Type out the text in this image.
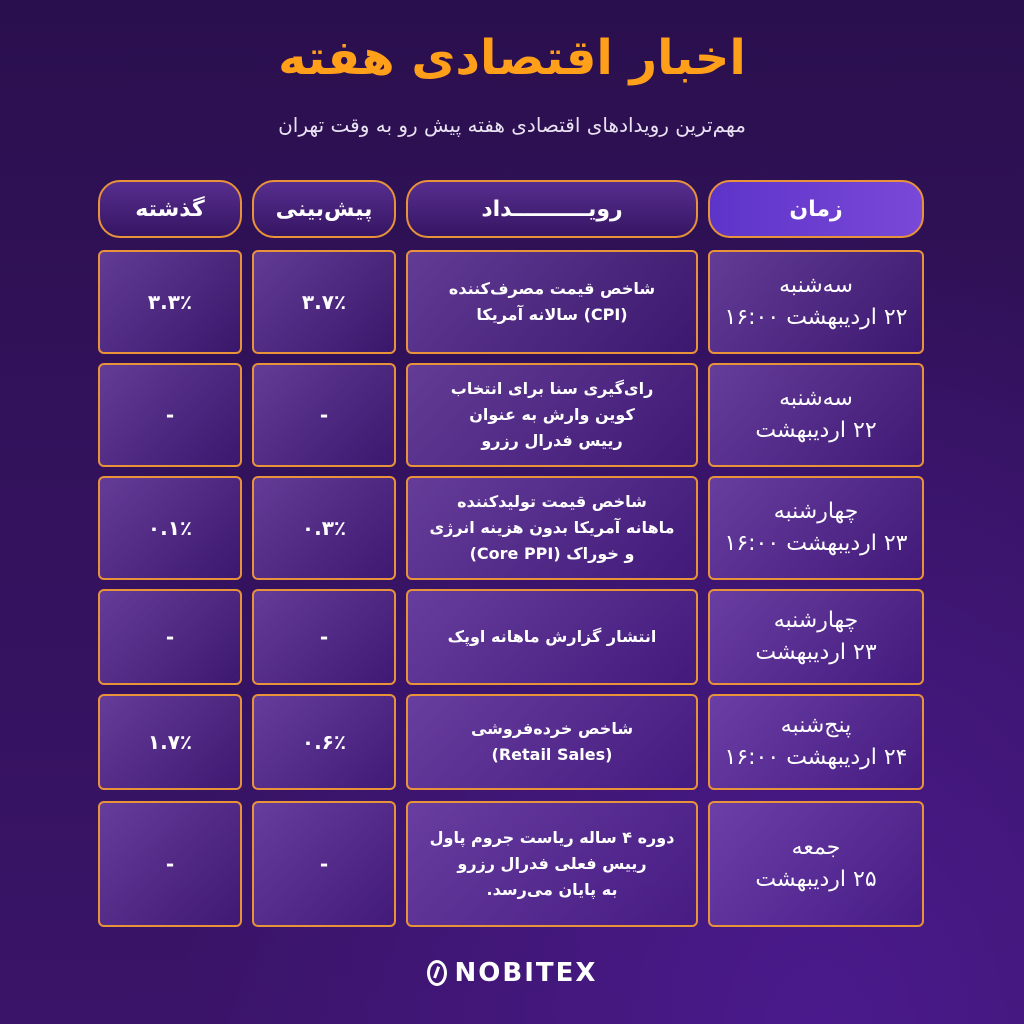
اخبار اقتصادی هفته
مهم‌ترین رویدادهای اقتصادی هفته پیش رو به وقت تهران
زمان
رویــــــــــداد
پیش‌بینی
گذشته
سه‌شنبه
۲۲ اردیبهشت ۱۶:۰۰
شاخص قیمت مصرف‌کننده
(CPI) سالانه آمریکا
۳.۷٪
۳.۳٪
سه‌شنبه
۲۲ اردیبهشت
رای‌گیری سنا برای انتخاب
کوین وارش به عنوان
رییس فدرال رزرو
-
-
چهارشنبه
۲۳ اردیبهشت ۱۶:۰۰
شاخص قیمت تولیدکننده
ماهانه آمریکا بدون هزینه انرژی
و خوراک (Core PPI)
۰.۳٪
۰.۱٪
چهارشنبه
۲۳ اردیبهشت
انتشار گزارش ماهانه اوپک
-
-
پنج‌شنبه
۲۴ اردیبهشت ۱۶:۰۰
شاخص خرده‌فروشی
(Retail Sales)
۰.۶٪
۱.۷٪
جمعه
۲۵ اردیبهشت
دوره ۴ ساله ریاست جروم پاول
رییس فعلی فدرال رزرو
به پایان می‌رسد.
-
-
NOBITEX
